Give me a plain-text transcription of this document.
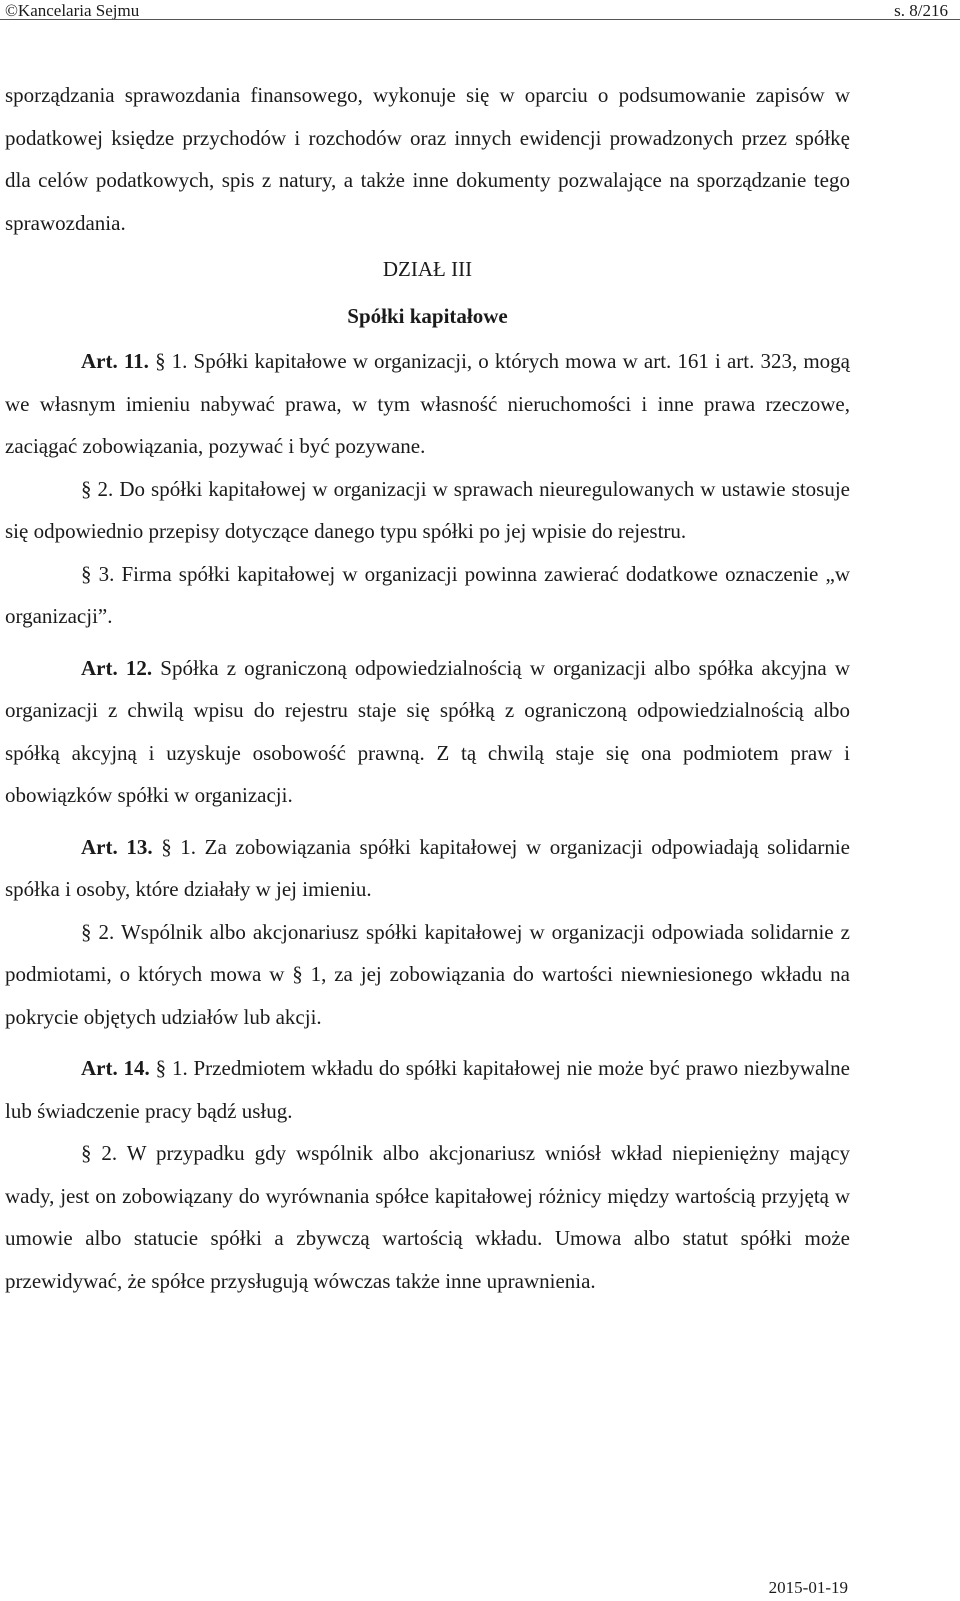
©Kancelaria Sejmu	s. 8/216

sporządzania sprawozdania finansowego, wykonuje się w oparciu o podsumowanie zapisów w podatkowej księdze przychodów i rozchodów oraz innych ewidencji prowadzonych przez spółkę dla celów podatkowych, spis z natury, a także inne dokumenty pozwalające na sporządzanie tego sprawozdania.

DZIAŁ III

Spółki kapitałowe

Art. 11. § 1. Spółki kapitałowe w organizacji, o których mowa w art. 161 i art. 323, mogą we własnym imieniu nabywać prawa, w tym własność nieruchomości i inne prawa rzeczowe, zaciągać zobowiązania, pozywać i być pozywane.

§ 2. Do spółki kapitałowej w organizacji w sprawach nieuregulowanych w ustawie stosuje się odpowiednio przepisy dotyczące danego typu spółki po jej wpisie do rejestru.

§ 3. Firma spółki kapitałowej w organizacji powinna zawierać dodatkowe oznaczenie „w organizacji”.

Art. 12. Spółka z ograniczoną odpowiedzialnością w organizacji albo spółka akcyjna w organizacji z chwilą wpisu do rejestru staje się spółką z ograniczoną odpowiedzialnością albo spółką akcyjną i uzyskuje osobowość prawną. Z tą chwilą staje się ona podmiotem praw i obowiązków spółki w organizacji.

Art. 13. § 1. Za zobowiązania spółki kapitałowej w organizacji odpowiadają solidarnie spółka i osoby, które działały w jej imieniu.

§ 2. Wspólnik albo akcjonariusz spółki kapitałowej w organizacji odpowiada solidarnie z podmiotami, o których mowa w § 1, za jej zobowiązania do wartości niewniesionego wkładu na pokrycie objętych udziałów lub akcji.

Art. 14. § 1. Przedmiotem wkładu do spółki kapitałowej nie może być prawo niezbywalne lub świadczenie pracy bądź usług.

§ 2. W przypadku gdy wspólnik albo akcjonariusz wniósł wkład niepieniężny mający wady, jest on zobowiązany do wyrównania spółce kapitałowej różnicy między wartością przyjętą w umowie albo statucie spółki a zbywczą wartością wkładu. Umowa albo statut spółki może przewidywać, że spółce przysługują wówczas także inne uprawnienia.

2015-01-19
